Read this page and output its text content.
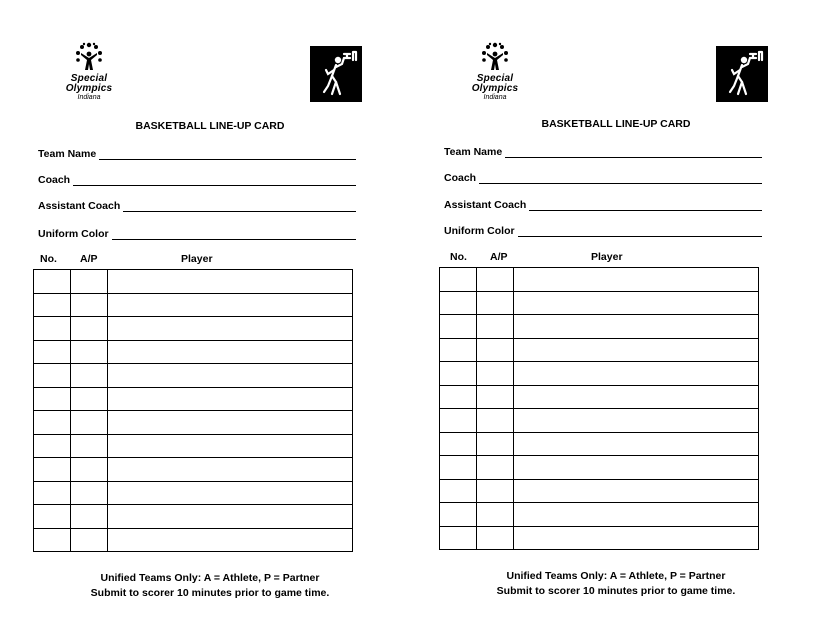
Special
Olympics
Indiana
BASKETBALL LINE-UP CARD
Team Name
Coach
Assistant Coach
Uniform Color
No. A/P	Player

Unified Teams Only: A = Athlete, P = Partner
Submit to scorer 10 minutes prior to game time.
Special
Olympics
Indiana
BASKETBALL LINE-UP CARD
Team Name
Coach
Assistant Coach
Uniform Color
No. A/P	Player

Unified Teams Only: A = Athlete, P = Partner
Submit to scorer 10 minutes prior to game time.
